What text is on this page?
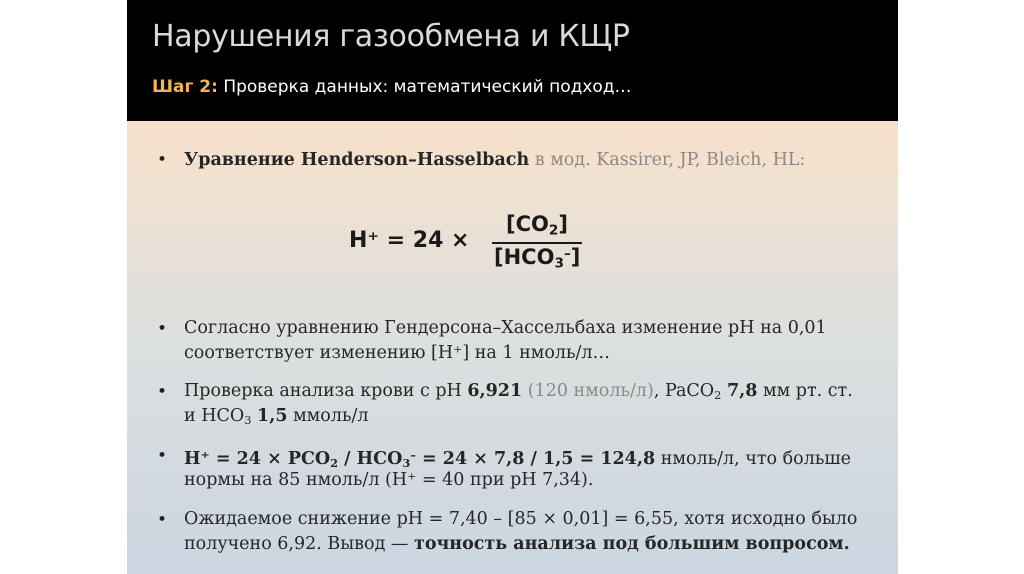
Нарушения газообмена и КЩР
Шаг 2: Проверка данных: математический подход…
• Уравнение Henderson–Hasselbach в мод. Kassirer, JP, Bleich, HL:
H⁺ = 24 ×
$[CO_2]$
$[HCO_3^-]$
• Согласно уравнению Гендерсона–Хассельбаха изменение pH на 0,01
соответствует изменению [H⁺] на 1 нмоль/л…
• Проверка анализа крови с pH 6,921 (120 нмоль/л), PaCO$_2$ 7,8 мм рт. ст.
и $HCO_3$ 1,5 ммоль/л
• $H^+ = 24 \times PCO_2 / HCO_3^- = 24 \times 7,8 / 1,5 = 124,8$ нмоль/л, что больше
нормы на 85 нмоль/л (H⁺ = 40 при pH 7,34).
• Ожидаемое снижение pH = 7,40 – [85 × 0,01] = 6,55, хотя исходно было
получено 6,92. Вывод — точность анализа под большим вопросом.
